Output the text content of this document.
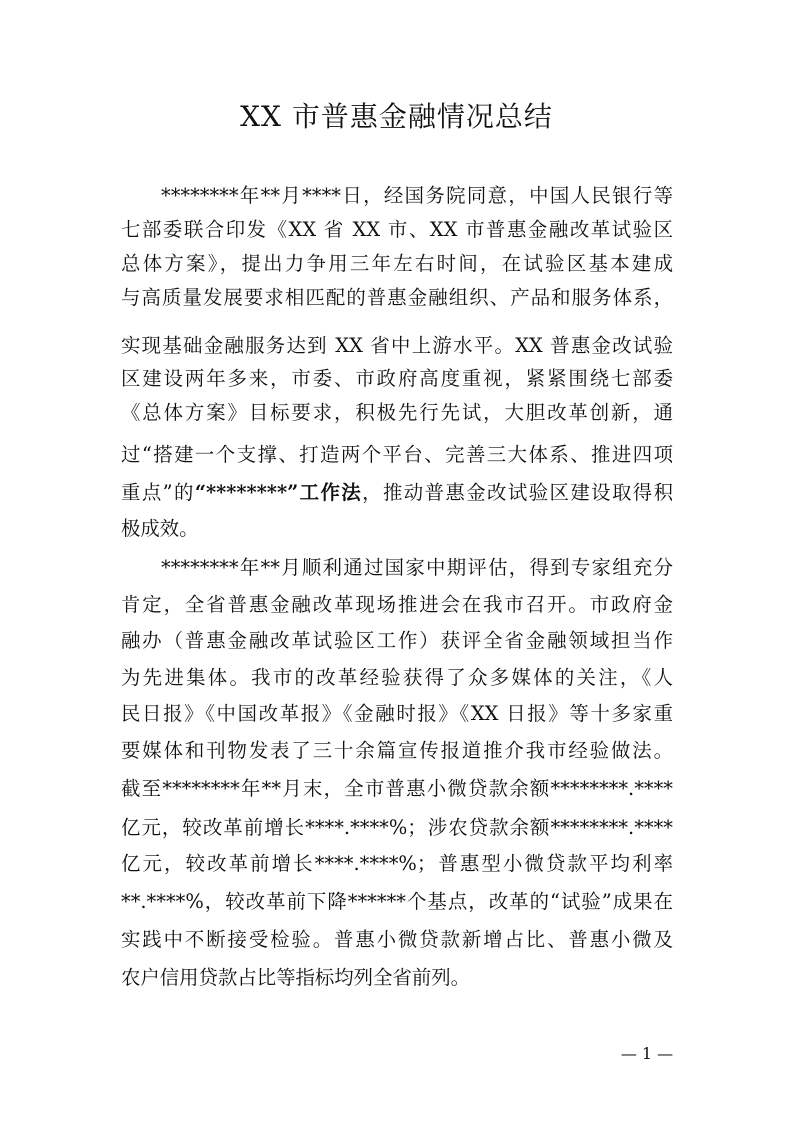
XX 市普惠金融情况总结
********年**月****日，经国务院同意，中国人民银行等
七部委联合印发《XX 省 XX 市、XX 市普惠金融改革试验区
总体方案》，提出力争用三年左右时间，在试验区基本建成
与高质量发展要求相匹配的普惠金融组织、产品和服务体系，
实现基础金融服务达到 XX 省中上游水平。XX 普惠金改试验
区建设两年多来，市委、市政府高度重视，紧紧围绕七部委
《总体方案》目标要求，积极先行先试，大胆改革创新，通
过“搭建一个支撑、打造两个平台、完善三大体系、推进四项
重点”的“********”工作法，推动普惠金改试验区建设取得积
极成效。
********年**月顺利通过国家中期评估，得到专家组充分
肯定，全省普惠金融改革现场推进会在我市召开。市政府金
融办（普惠金融改革试验区工作）获评全省金融领域担当作
为先进集体。我市的改革经验获得了众多媒体的关注，《人
民日报》《中国改革报》《金融时报》《XX 日报》等十多家重
要媒体和刊物发表了三十余篇宣传报道推介我市经验做法。
截至********年**月末，全市普惠小微贷款余额********.****
亿元，较改革前增长****.****%；涉农贷款余额********.****
亿元，较改革前增长****.****%；普惠型小微贷款平均利率
**.****%，较改革前下降******个基点，改革的“试验”成果在
实践中不断接受检验。普惠小微贷款新增占比、普惠小微及
农户信用贷款占比等指标均列全省前列。
— 1 —
